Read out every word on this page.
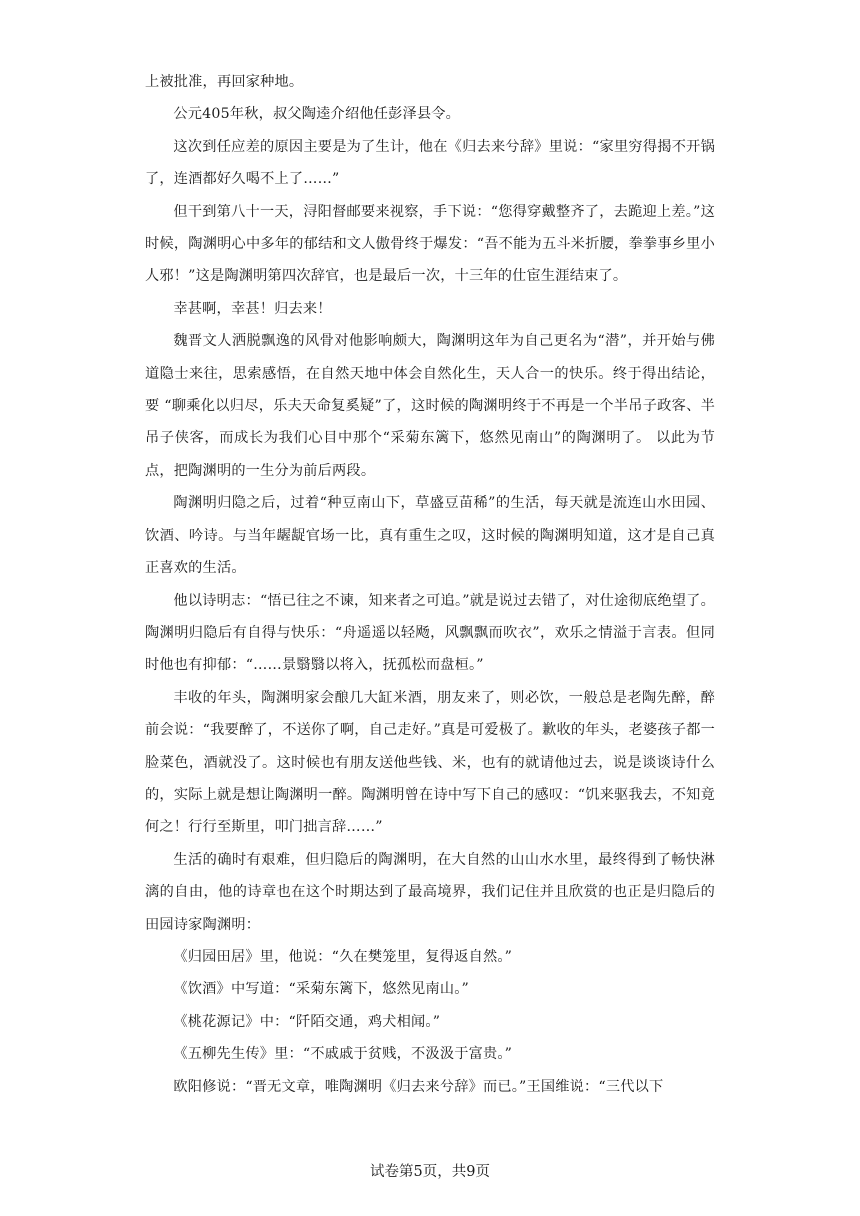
上被批准，再回家种地。

公元405年秋，叔父陶逵介绍他任彭泽县令。

这次到任应差的原因主要是为了生计，他在《归去来兮辞》里说：“家里穷得揭不开锅了，连酒都好久喝不上了……”

但干到第八十一天，浔阳督邮要来视察，手下说：“您得穿戴整齐了，去跪迎上差。”这时候，陶渊明心中多年的郁结和文人傲骨终于爆发：“吾不能为五斗米折腰，拳拳事乡里小人邪！”这是陶渊明第四次辞官，也是最后一次，十三年的仕宦生涯结束了。

幸甚啊，幸甚！归去来！

魏晋文人洒脱飘逸的风骨对他影响颇大，陶渊明这年为自己更名为“潜”，并开始与佛道隐士来往，思索感悟，在自然天地中体会自然化生，天人合一的快乐。终于得出结论，要 “聊乘化以归尽，乐夫天命复奚疑”了，这时候的陶渊明终于不再是一个半吊子政客、半吊子侠客，而成长为我们心目中那个“采菊东篱下，悠然见南山”的陶渊明了。 以此为节点，把陶渊明的一生分为前后两段。

陶渊明归隐之后，过着“种豆南山下，草盛豆苗稀”的生活，每天就是流连山水田园、饮酒、吟诗。与当年龌龊官场一比，真有重生之叹，这时候的陶渊明知道，这才是自己真正喜欢的生活。

他以诗明志：“悟已往之不谏，知来者之可追。”就是说过去错了，对仕途彻底绝望了。 陶渊明归隐后有自得与快乐：“舟遥遥以轻飏，风飘飘而吹衣”，欢乐之情溢于言表。但同时他也有抑郁：“……景翳翳以将入，抚孤松而盘桓。”

丰收的年头，陶渊明家会酿几大缸米酒，朋友来了，则必饮，一般总是老陶先醉，醉前会说：“我要醉了，不送你了啊，自己走好。”真是可爱极了。歉收的年头，老婆孩子都一脸菜色，酒就没了。这时候也有朋友送他些钱、米，也有的就请他过去，说是谈谈诗什么的，实际上就是想让陶渊明一醉。陶渊明曾在诗中写下自己的感叹：“饥来驱我去，不知竟何之！行行至斯里，叩门拙言辞……”

生活的确时有艰难，但归隐后的陶渊明，在大自然的山山水水里，最终得到了畅快淋漓的自由，他的诗章也在这个时期达到了最高境界，我们记住并且欣赏的也正是归隐后的田园诗家陶渊明：

《归园田居》里，他说：“久在樊笼里，复得返自然。”

《饮酒》中写道：“采菊东篱下，悠然见南山。”

《桃花源记》中：“阡陌交通，鸡犬相闻。”

《五柳先生传》里：“不戚戚于贫贱，不汲汲于富贵。”

欧阳修说：“晋无文章，唯陶渊明《归去来兮辞》而已。”王国维说：“三代以下

试卷第5页，共9页
